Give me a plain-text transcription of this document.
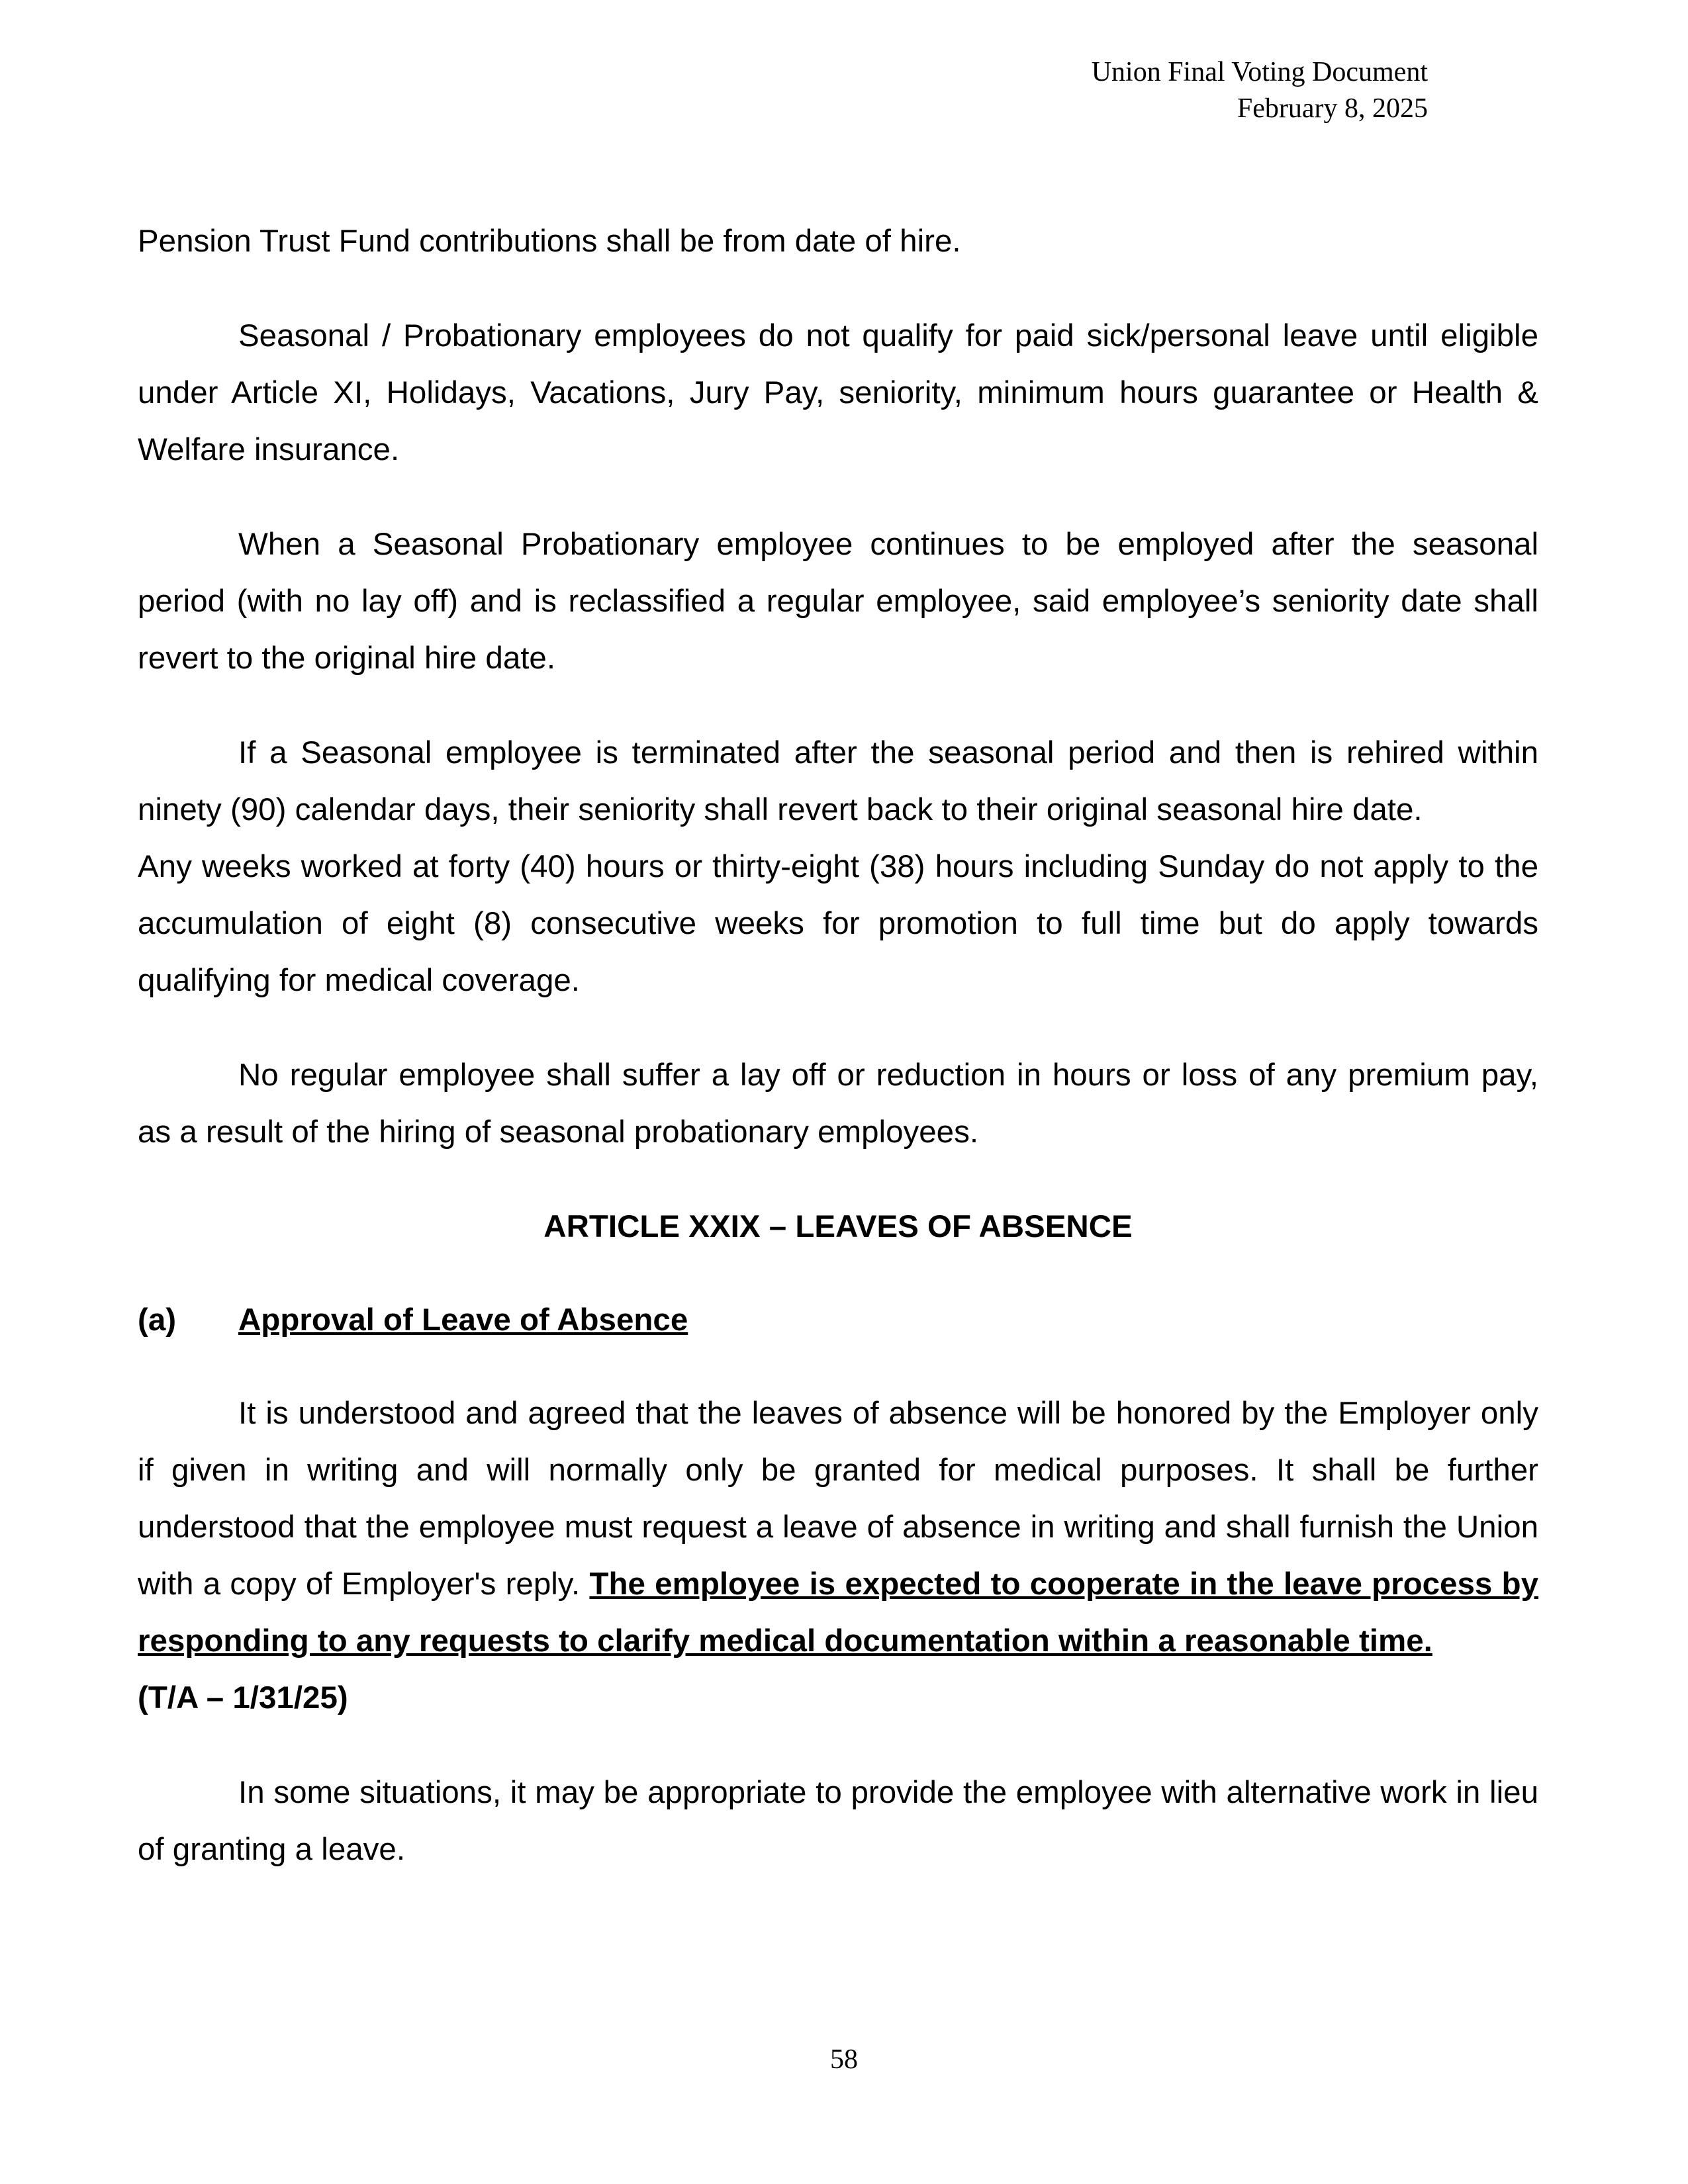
Union Final Voting Document
February 8, 2025

Pension Trust Fund contributions shall be from date of hire.

Seasonal / Probationary employees do not qualify for paid sick/personal leave until eligible under Article XI, Holidays, Vacations, Jury Pay, seniority, minimum hours guarantee or Health & Welfare insurance.

When a Seasonal Probationary employee continues to be employed after the seasonal period (with no lay off) and is reclassified a regular employee, said employee’s seniority date shall revert to the original hire date.

If a Seasonal employee is terminated after the seasonal period and then is rehired within ninety (90) calendar days, their seniority shall revert back to their original seasonal hire date.

Any weeks worked at forty (40) hours or thirty-eight (38) hours including Sunday do not apply to the accumulation of eight (8) consecutive weeks for promotion to full time but do apply towards qualifying for medical coverage.

No regular employee shall suffer a lay off or reduction in hours or loss of any premium pay, as a result of the hiring of seasonal probationary employees.

ARTICLE XXIX – LEAVES OF ABSENCE
(a) Approval of Leave of Absence

It is understood and agreed that the leaves of absence will be honored by the Employer only if given in writing and will normally only be granted for medical purposes. It shall be further understood that the employee must request a leave of absence in writing and shall furnish the Union with a copy of Employer's reply. The employee is expected to cooperate in the leave process by responding to any requests to clarify medical documentation within a reasonable time.

(T/A – 1/31/25)

In some situations, it may be appropriate to provide the employee with alternative work in lieu of granting a leave.

58
